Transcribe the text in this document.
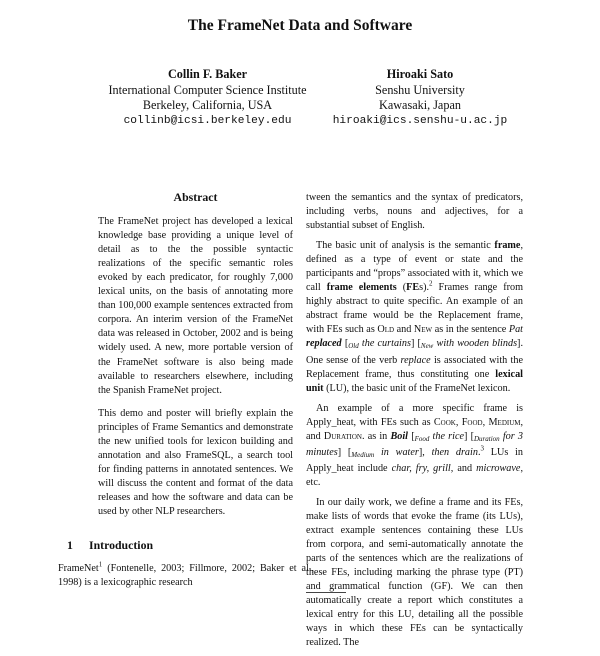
The FrameNet Data and Software
Collin F. Baker
International Computer Science Institute
Berkeley, California, USA
collinb@icsi.berkeley.edu
Hiroaki Sato
Senshu University
Kawasaki, Japan
hiroaki@ics.senshu-u.ac.jp
Abstract

The FrameNet project has developed a lexical knowledge base providing a unique level of detail as to the the possible syntactic realizations of the specific semantic roles evoked by each predicator, for roughly 7,000 lexical units, on the basis of annotating more than 100,000 example sentences extracted from corpora. An interim version of the FrameNet data was released in October, 2002 and is being widely used. A new, more portable version of the FrameNet software is also being made available to researchers elsewhere, including the Spanish FrameNet project.

This demo and poster will briefly explain the principles of Frame Semantics and demonstrate the new unified tools for lexicon building and annotation and also FrameSQL, a search tool for finding patterns in annotated sentences. We will discuss the content and format of the data releases and how the software and data can be used by other NLP researchers.

1 Introduction

FrameNet$^1$ (Fontenelle, 2003; Fillmore, 2002; Baker et al., 1998) is a lexicographic research

tween the semantics and the syntax of predicators, including verbs, nouns and adjectives, for a substantial subset of English.

The basic unit of analysis is the semantic frame, defined as a type of event or state and the participants and “props” associated with it, which we call frame elements (FEs).$^2$ Frames range from highly abstract to quite specific. An example of an abstract frame would be the Replacement frame, with FEs such as Old and New as in the sentence Pat replaced [$_{Old}$ the curtains] [$_{New}$ with wooden blinds]. One sense of the verb replace is associated with the Replacement frame, thus constituting one lexical unit (LU), the basic unit of the FrameNet lexicon.

An example of a more specific frame is Apply_heat, with FEs such as Cook, Food, Medium, and Duration. as in Boil [$_{Food}$ the rice] [$_{Duration}$ for 3 minutes] [$_{Medium}$ in water], then drain.$^3$ LUs in Apply_heat include char, fry, grill, and microwave, etc.

In our daily work, we define a frame and its FEs, make lists of words that evoke the frame (its LUs), extract example sentences containing these LUs from corpora, and semi-automatically annotate the parts of the sentences which are the realizations of these FEs, including marking the phrase type (PT) and grammatical function (GF). We can then automatically create a report which constitutes a lexical entry for this LU, detailing all the possible ways in which these FEs can be syntactically realized. The
